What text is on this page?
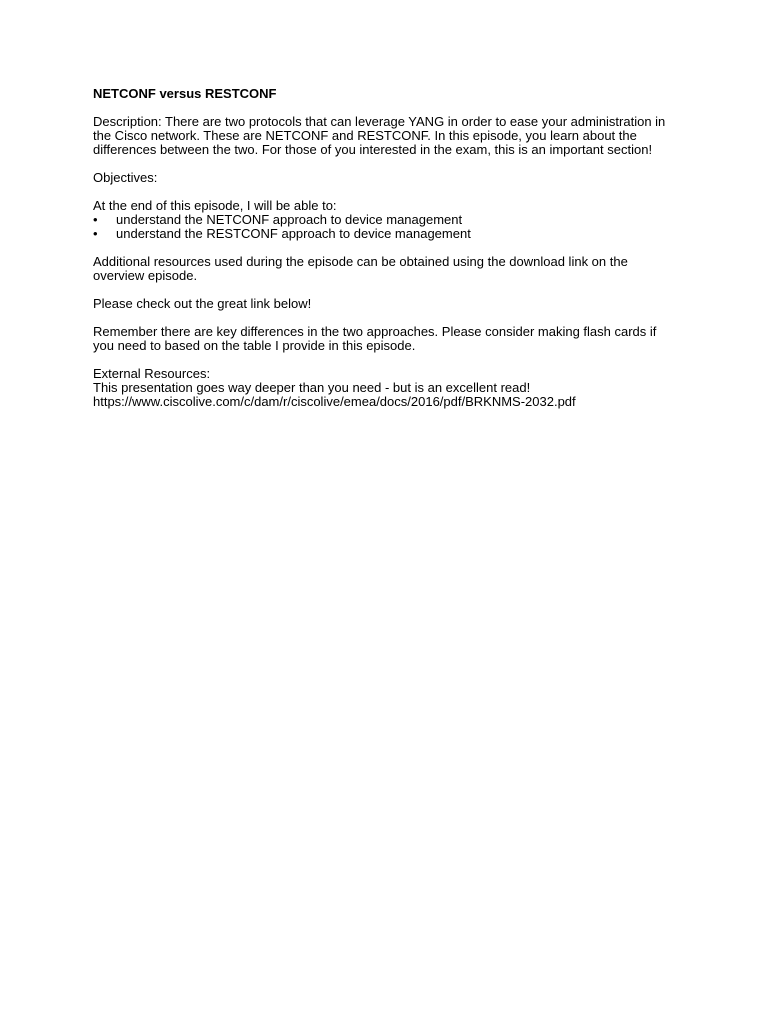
NETCONF versus RESTCONF
Description: There are two protocols that can leverage YANG in order to ease your administration in
the Cisco network. These are NETCONF and RESTCONF. In this episode, you learn about the
differences between the two. For those of you interested in the exam, this is an important section!
Objectives:
At the end of this episode, I will be able to:
• understand the NETCONF approach to device management
• understand the RESTCONF approach to device management
Additional resources used during the episode can be obtained using the download link on the
overview episode.
Please check out the great link below!
Remember there are key differences in the two approaches. Please consider making flash cards if
you need to based on the table I provide in this episode.
External Resources:
This presentation goes way deeper than you need - but is an excellent read!
https://www.ciscolive.com/c/dam/r/ciscolive/emea/docs/2016/pdf/BRKNMS-2032.pdf
